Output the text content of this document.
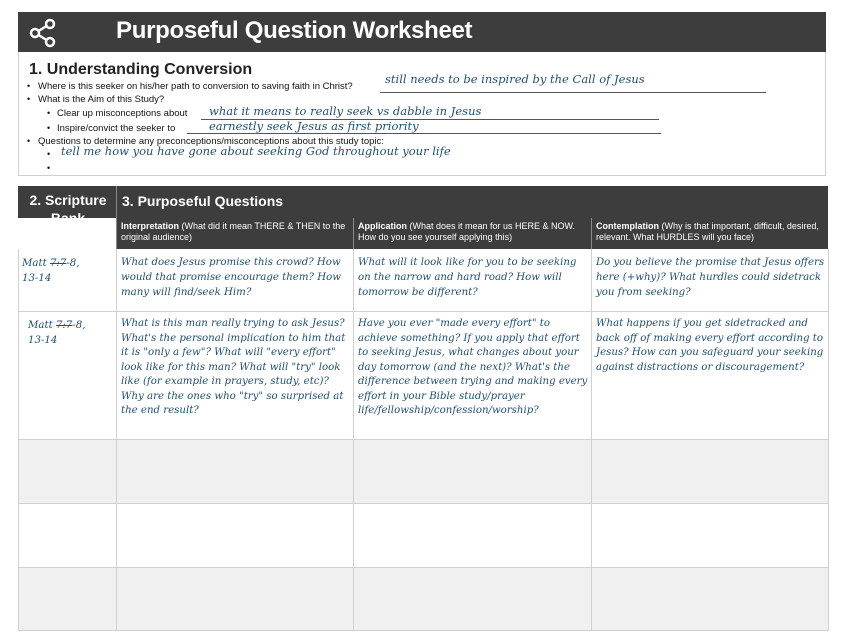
Purposeful Question Worksheet
1. Understanding Conversion
• Where is this seeker on his/her path to conversion to saving faith in Christ?
still needs to be inspired by the Call of Jesus
• What is the Aim of this Study?
• Clear up misconceptions about what it means to really seek vs dabble in Jesus
• Inspire/convict the seeker to	earnestly seek Jesus as first priority
• Questions to determine any preconceptions/misconceptions about this study topic:
• tell me how you have gone about seeking God throughout your life
•
2. Scripture Bank
3. Purposeful Questions
Interpretation (What did it mean THERE & THEN to the original audience)
Application (What does it mean for us HERE & NOW. How do you see yourself applying this)
Contemplation (Why is that important, difficult, desired, relevant. What HURDLES will you face)
Matt 7:7-8,
13-14
What does Jesus promise this crowd? How would that promise encourage them? How many will find/seek Him?
What will it look like for you to be seeking on the narrow and hard road? How will tomorrow be different?
Do you believe the promise that Jesus offers here (+why)? What hurdles could sidetrack you from seeking?
Matt 7:7-8,
13-14
What is this man really trying to ask Jesus? What's the personal implication to him that it is "only a few"? What will "every effort" look like for this man? What will "try" look like (for example in prayers, study, etc)? Why are the ones who "try" so surprised at the end result?
Have you ever "made every effort" to achieve something? If you apply that effort to seeking Jesus, what changes about your day tomorrow (and the next)? What's the difference between trying and making every effort in your Bible study/prayer life/fellowship/confession/worship?
What happens if you get sidetracked and back off of making every effort according to Jesus? How can you safeguard your seeking against distractions or discouragement?
